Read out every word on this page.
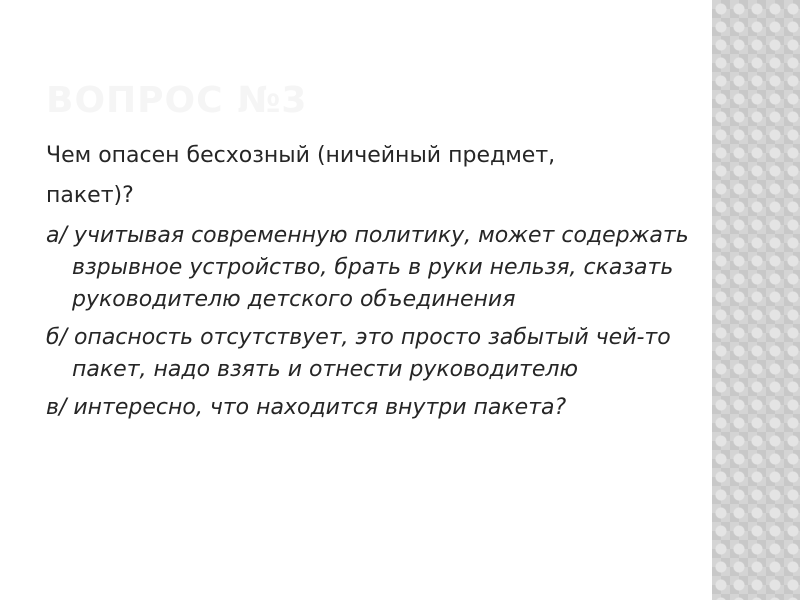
ВОПРОС №3

Чем опасен бесхозный (ничейный предмет,

пакет)?

а/ учитывая современную политику, может содержать взрывное устройство, брать в руки нельзя, сказать руководителю детского объединения

б/ опасность отсутствует, это просто забытый чей-то пакет, надо взять и отнести руководителю

в/ интересно, что находится внутри пакета?
